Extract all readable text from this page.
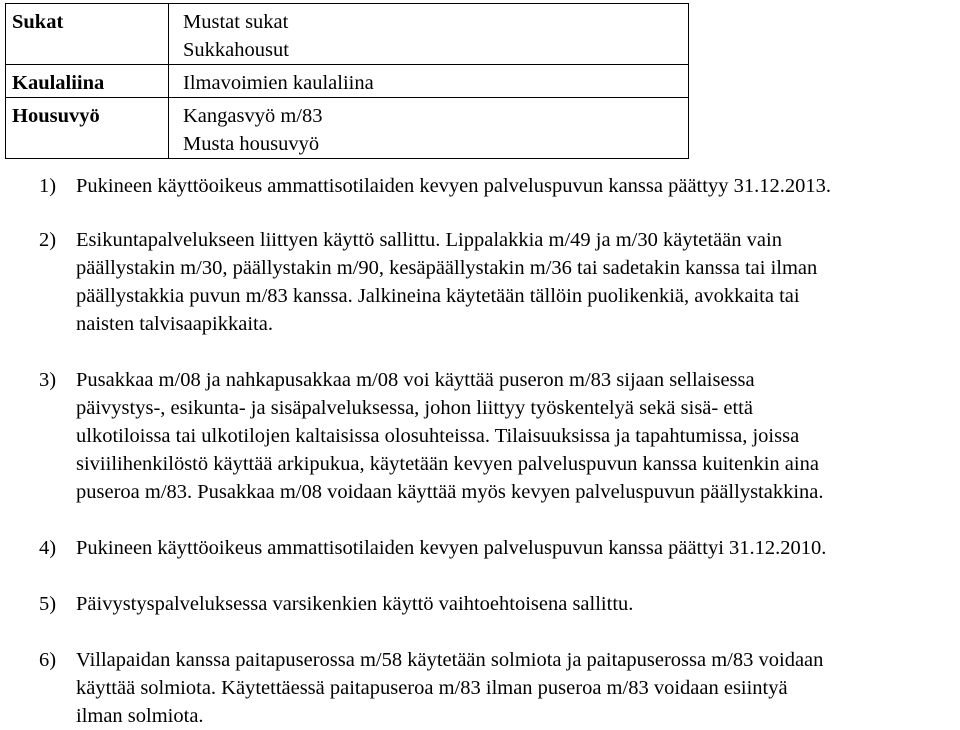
Sukat	Mustat sukat
Sukkahousut

Kaulaliina	Ilmavoimien kaulaliina

Housuvyö	Kangasvyö m/83
Musta housuvyö
1) Pukineen käyttöoikeus ammattisotilaiden kevyen palveluspuvun kanssa päättyy 31.12.2013.
2) Esikuntapalvelukseen liittyen käyttö sallittu. Lippalakkia m/49 ja m/30 käytetään vain
päällystakin m/30, päällystakin m/90, kesäpäällystakin m/36 tai sadetakin kanssa tai ilman
päällystakkia puvun m/83 kanssa. Jalkineina käytetään tällöin puolikenkiä, avokkaita tai
naisten talvisaapikkaita.
3) Pusakkaa m/08 ja nahkapusakkaa m/08 voi käyttää puseron m/83 sijaan sellaisessa
päivystys-, esikunta- ja sisäpalveluksessa, johon liittyy työskentelyä sekä sisä- että
ulkotiloissa tai ulkotilojen kaltaisissa olosuhteissa. Tilaisuuksissa ja tapahtumissa, joissa
siviilihenkilöstö käyttää arkipukua, käytetään kevyen palveluspuvun kanssa kuitenkin aina
puseroa m/83. Pusakkaa m/08 voidaan käyttää myös kevyen palveluspuvun päällystakkina.
4) Pukineen käyttöoikeus ammattisotilaiden kevyen palveluspuvun kanssa päättyi 31.12.2010.
5) Päivystyspalveluksessa varsikenkien käyttö vaihtoehtoisena sallittu.
6) Villapaidan kanssa paitapuserossa m/58 käytetään solmiota ja paitapuserossa m/83 voidaan
käyttää solmiota. Käytettäessä paitapuseroa m/83 ilman puseroa m/83 voidaan esiintyä
ilman solmiota.
